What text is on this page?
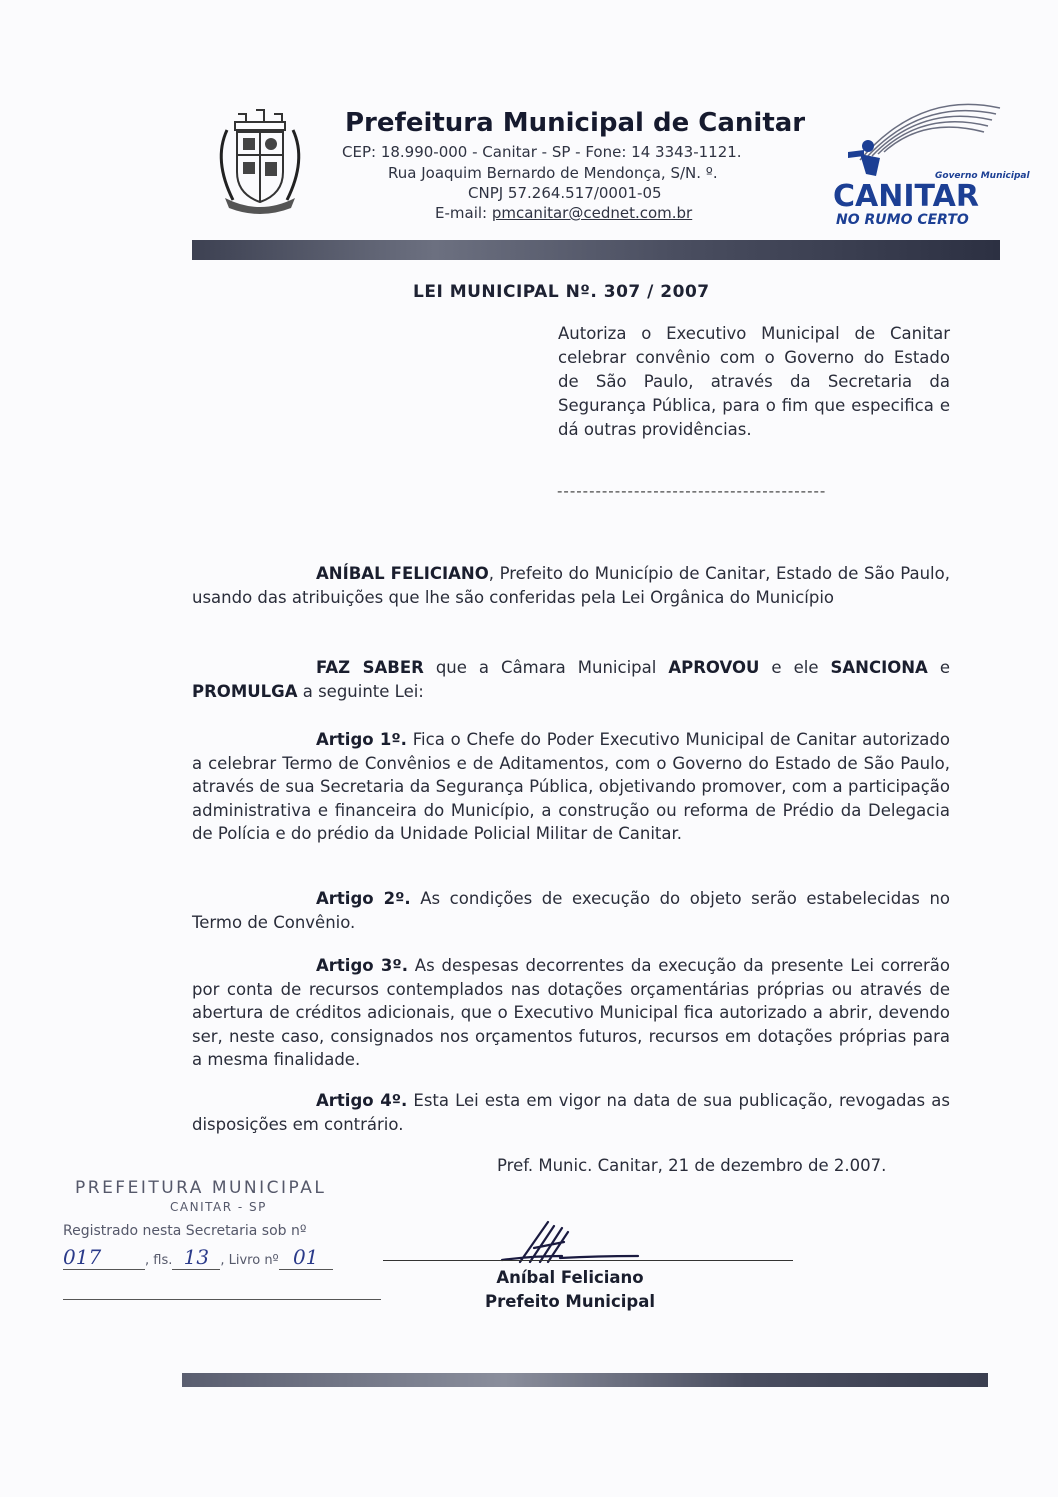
Prefeitura Municipal de Canitar
CEP: 18.990-000 - Canitar - SP - Fone: 14 3343-1121.
Rua Joaquim Bernardo de Mendonça, S/N. º.
CNPJ 57.264.517/0001-05
E-mail: pmcanitar@cednet.com.br
Governo Municipal
CANITAR
NO RUMO CERTO
LEI MUNICIPAL Nº. 307 / 2007
Autoriza o Executivo Municipal de Canitar celebrar convênio com o Governo do Estado de São Paulo, através da Secretaria da Segurança Pública, para o fim que especifica e dá outras providências.
------------------------------------------
ANÍBAL FELICIANO, Prefeito do Município de Canitar, Estado de São Paulo, usando das atribuições que lhe são conferidas pela Lei Orgânica do Município
FAZ SABER que a Câmara Municipal APROVOU e ele SANCIONA e PROMULGA a seguinte Lei:
Artigo 1º. Fica o Chefe do Poder Executivo Municipal de Canitar autorizado a celebrar Termo de Convênios e de Aditamentos, com o Governo do Estado de São Paulo, através de sua Secretaria da Segurança Pública, objetivando promover, com a participação administrativa e financeira do Município, a construção ou reforma de Prédio da Delegacia de Polícia e do prédio da Unidade Policial Militar de Canitar.
Artigo 2º. As condições de execução do objeto serão estabelecidas no Termo de Convênio.
Artigo 3º. As despesas decorrentes da execução da presente Lei correrão por conta de recursos contemplados nas dotações orçamentárias próprias ou através de abertura de créditos adicionais, que o Executivo Municipal fica autorizado a abrir, devendo ser, neste caso, consignados nos orçamentos futuros, recursos em dotações próprias para a mesma finalidade.
Artigo 4º. Esta Lei esta em vigor na data de sua publicação, revogadas as disposições em contrário.
Pref. Munic. Canitar, 21 de dezembro de 2.007.
PREFEITURA MUNICIPAL
CANITAR - SP
Registrado nesta Secretaria sob nº
017	, fls. 13 , Livro nº 01
Aníbal Feliciano
Prefeito Municipal
